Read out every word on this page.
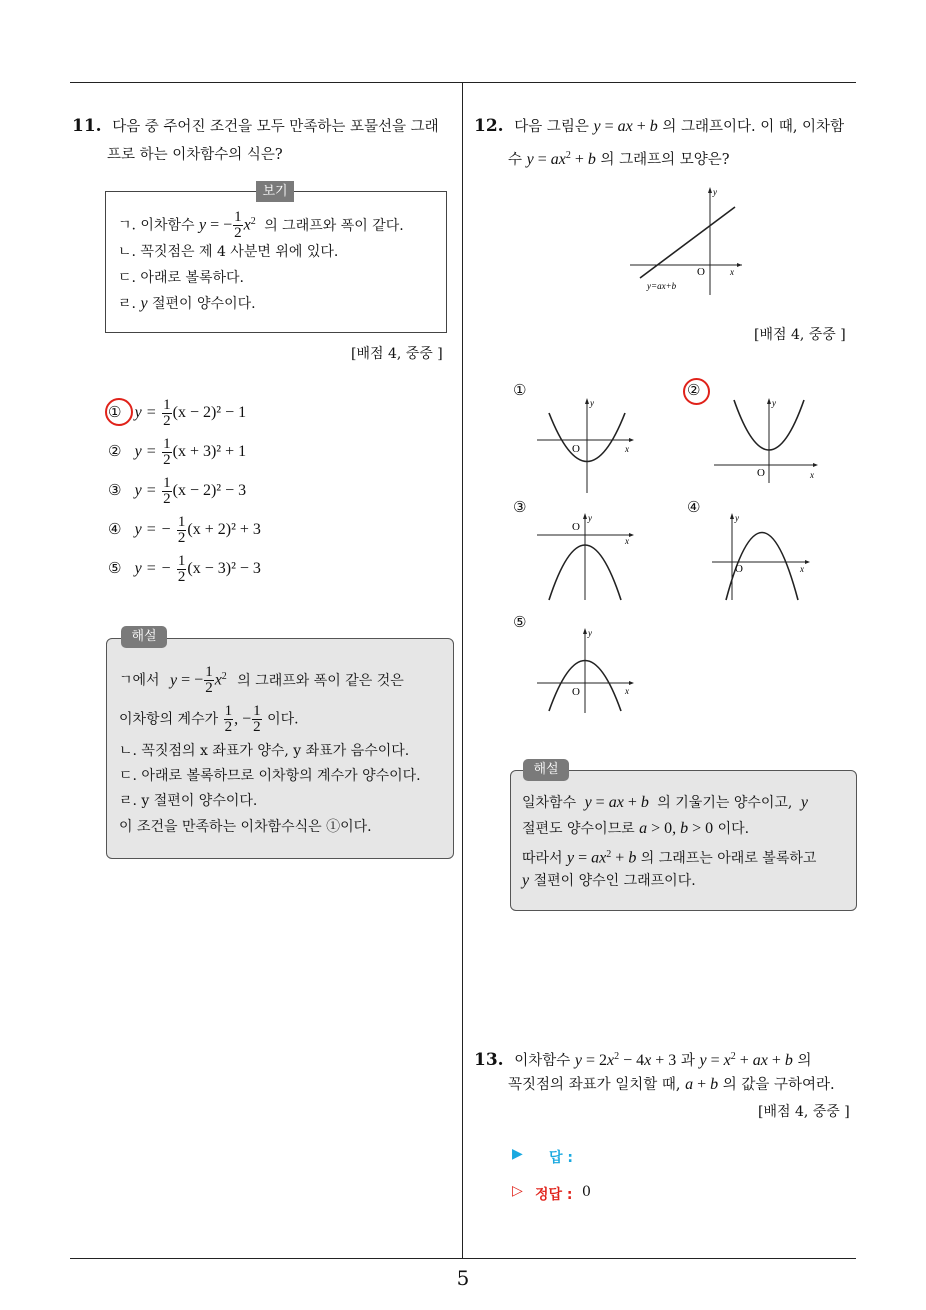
5
11. 다음 중 주어진 조건을 모두 만족하는 포물선을 그래
프로 하는 이차함수의 식은?
보기
ㄱ. 이차함수 y = − $\frac{1}{2} x^2$ 의 그래프와 폭이 같다.
ㄴ. 꼭짓점은 제 4 사분면 위에 있다.
ㄷ. 아래로 볼록하다.
ㄹ. y 절편이 양수이다.
[배점 4, 중중 ]
① $y = \frac{1}{2} (x - 2)^2 - 1$
② $y = \frac{1}{2} (x + 3)^2 + 1$
③ $y = \frac{1}{2} (x - 2)^2 - 3$
④ y = − $\frac{1}{2} (x + 2)^2 + 3$
⑤ y = − $\frac{1}{2} (x - 3)^2 - 3$
해설
ㄱ에서 y = − $\frac{1}{2} x^2$ 의 그래프와 폭이 같은 것은
이차항의 계수가 $\frac{1}{2}$ , − $\frac{1}{2}$ 이다.
ㄴ. 꼭짓점의 x 좌표가 양수, y 좌표가 음수이다.
ㄷ. 아래로 볼록하므로 이차항의 계수가 양수이다.
ㄹ. y 절편이 양수이다.
이 조건을 만족하는 이차함수식은 ①이다.
12. 다음 그림은 y = ax + b 의 그래프이다. 이 때, 이차함
수 $y = ax^2 + b$ 의 그래프의 모양은?
O	x
y
y=ax+b
[배점 4, 중중 ]
①	②
③	④
⑤
O	x
y
O	x
y
O
x
y
O	x
y
O	x
y
해설
일차함수 y = ax + b 의 기울기는 양수이고, y
절편도 양수이므로 a > 0, b > 0 이다.
따라서 $y = ax^2 + b$ 의 그래프는 아래로 볼록하고
y 절편이 양수인 그래프이다.
13. 이차함수 $y = 2x^2 - 4x + 3$ 과 $y = x^2$ + ax + b 의
꼭짓점의 좌표가 일치할 때, a + b 의 값을 구하여라.
[배점 4, 중중 ]
▶ 답 :
▷ 정답 : 0
